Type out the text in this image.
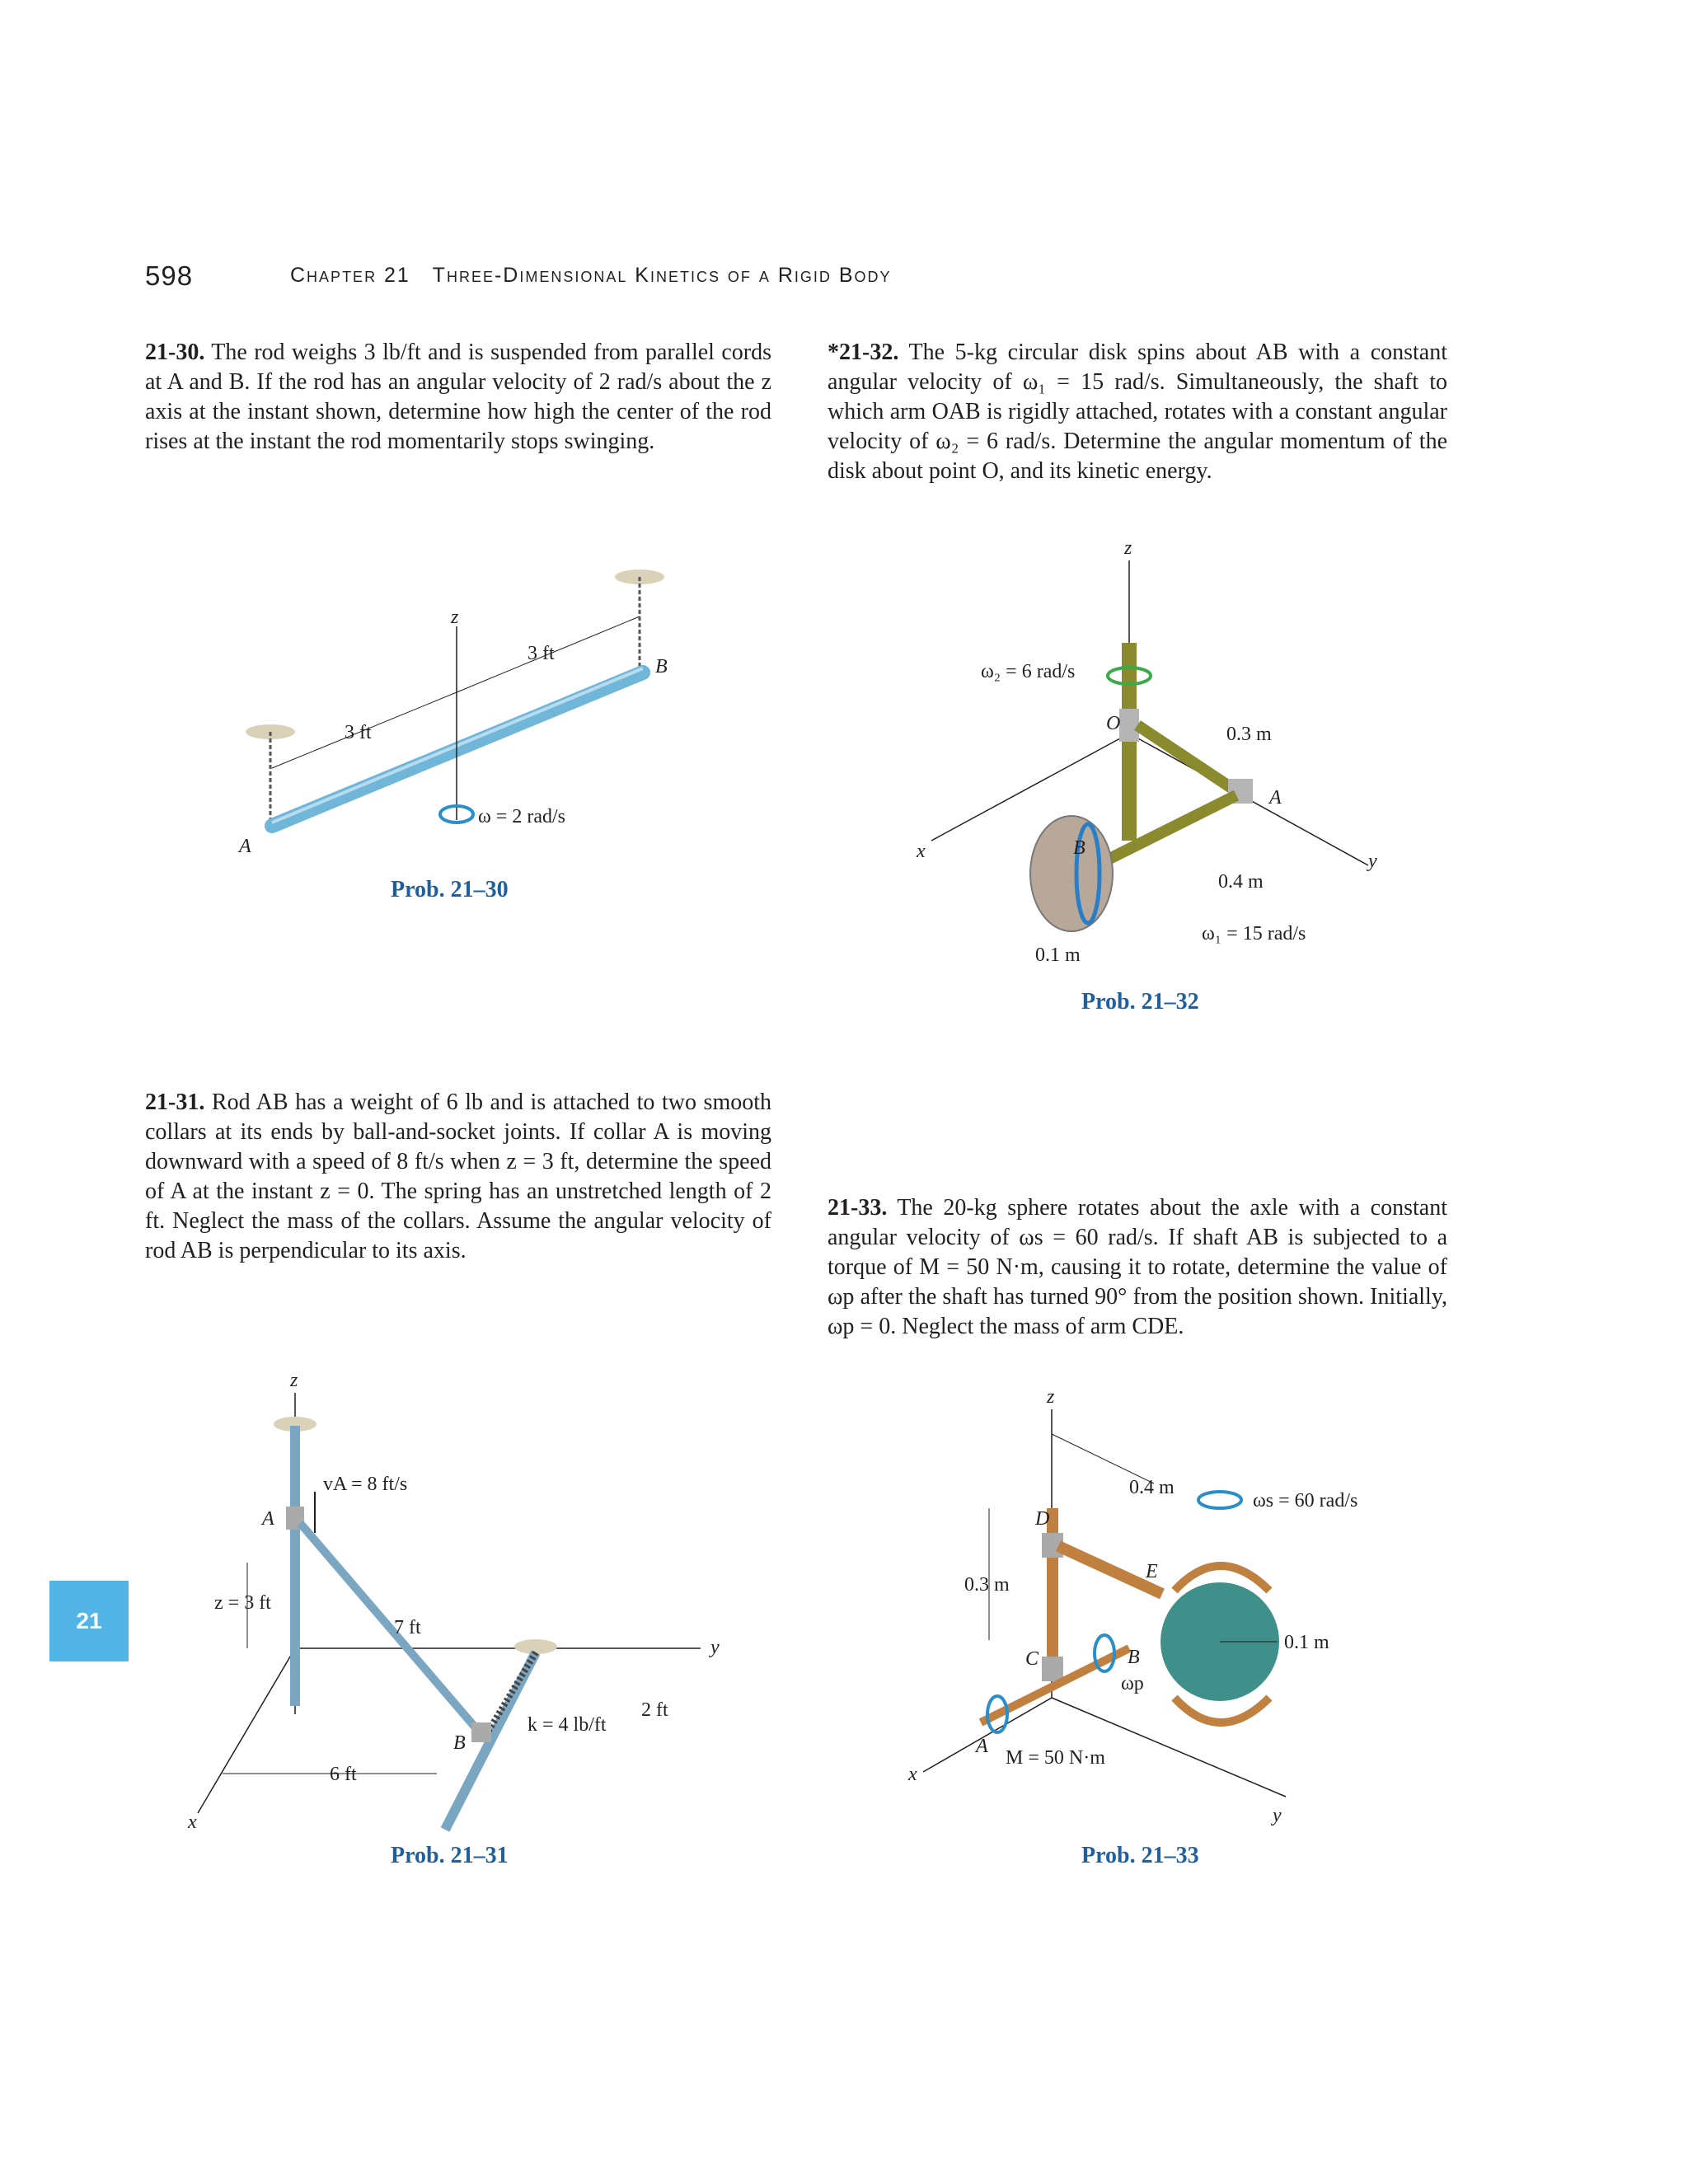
598	Chapter 21 Three-Dimensional Kinetics of a Rigid Body
21-30. The rod weighs 3 lb/ft and is suspended from parallel cords at A and B. If the rod has an angular velocity of 2 rad/s about the z axis at the instant shown, determine how high the center of the rod rises at the instant the rod momentarily stops swinging.
*21-32. The 5-kg circular disk spins about AB with a constant angular velocity of ω₁ = 15 rad/s. Simultaneously, the shaft to which arm OAB is rigidly attached, rotates with a constant angular velocity of ω₂ = 6 rad/s. Determine the angular momentum of the disk about point O, and its kinetic energy.
z
3 ft
3 ft
A
B
ω = 2 rad/s
Prob. 21–30
z
x	y
ω₂ = 6 rad/s
O
A
B
0.3 m
0.4 m
ω₁ = 15 rad/s
0.1 m
Prob. 21–32
21-31. Rod AB has a weight of 6 lb and is attached to two smooth collars at its ends by ball-and-socket joints. If collar A is moving downward with a speed of 8 ft/s when z = 3 ft, determine the speed of A at the instant z = 0. The spring has an unstretched length of 2 ft. Neglect the mass of the collars. Assume the angular velocity of rod AB is perpendicular to its axis.
21-33. The 20-kg sphere rotates about the axle with a constant angular velocity of ωs = 60 rad/s. If shaft AB is subjected to a torque of M = 50 N·m, causing it to rotate, determine the value of ωp after the shaft has turned 90° from the position shown. Initially, ωp = 0. Neglect the mass of arm CDE.
21
z
x
y
A
vA = 8 ft/s
z = 3 ft
7 ft
B
k = 4 lb/ft
2 ft
6 ft
Prob. 21–31
z
x
y
D
E
0.1 m
C
A
B
M = 50 N·m
ωp
0.3 m
0.4 m
ωs = 60 rad/s
Prob. 21–33
